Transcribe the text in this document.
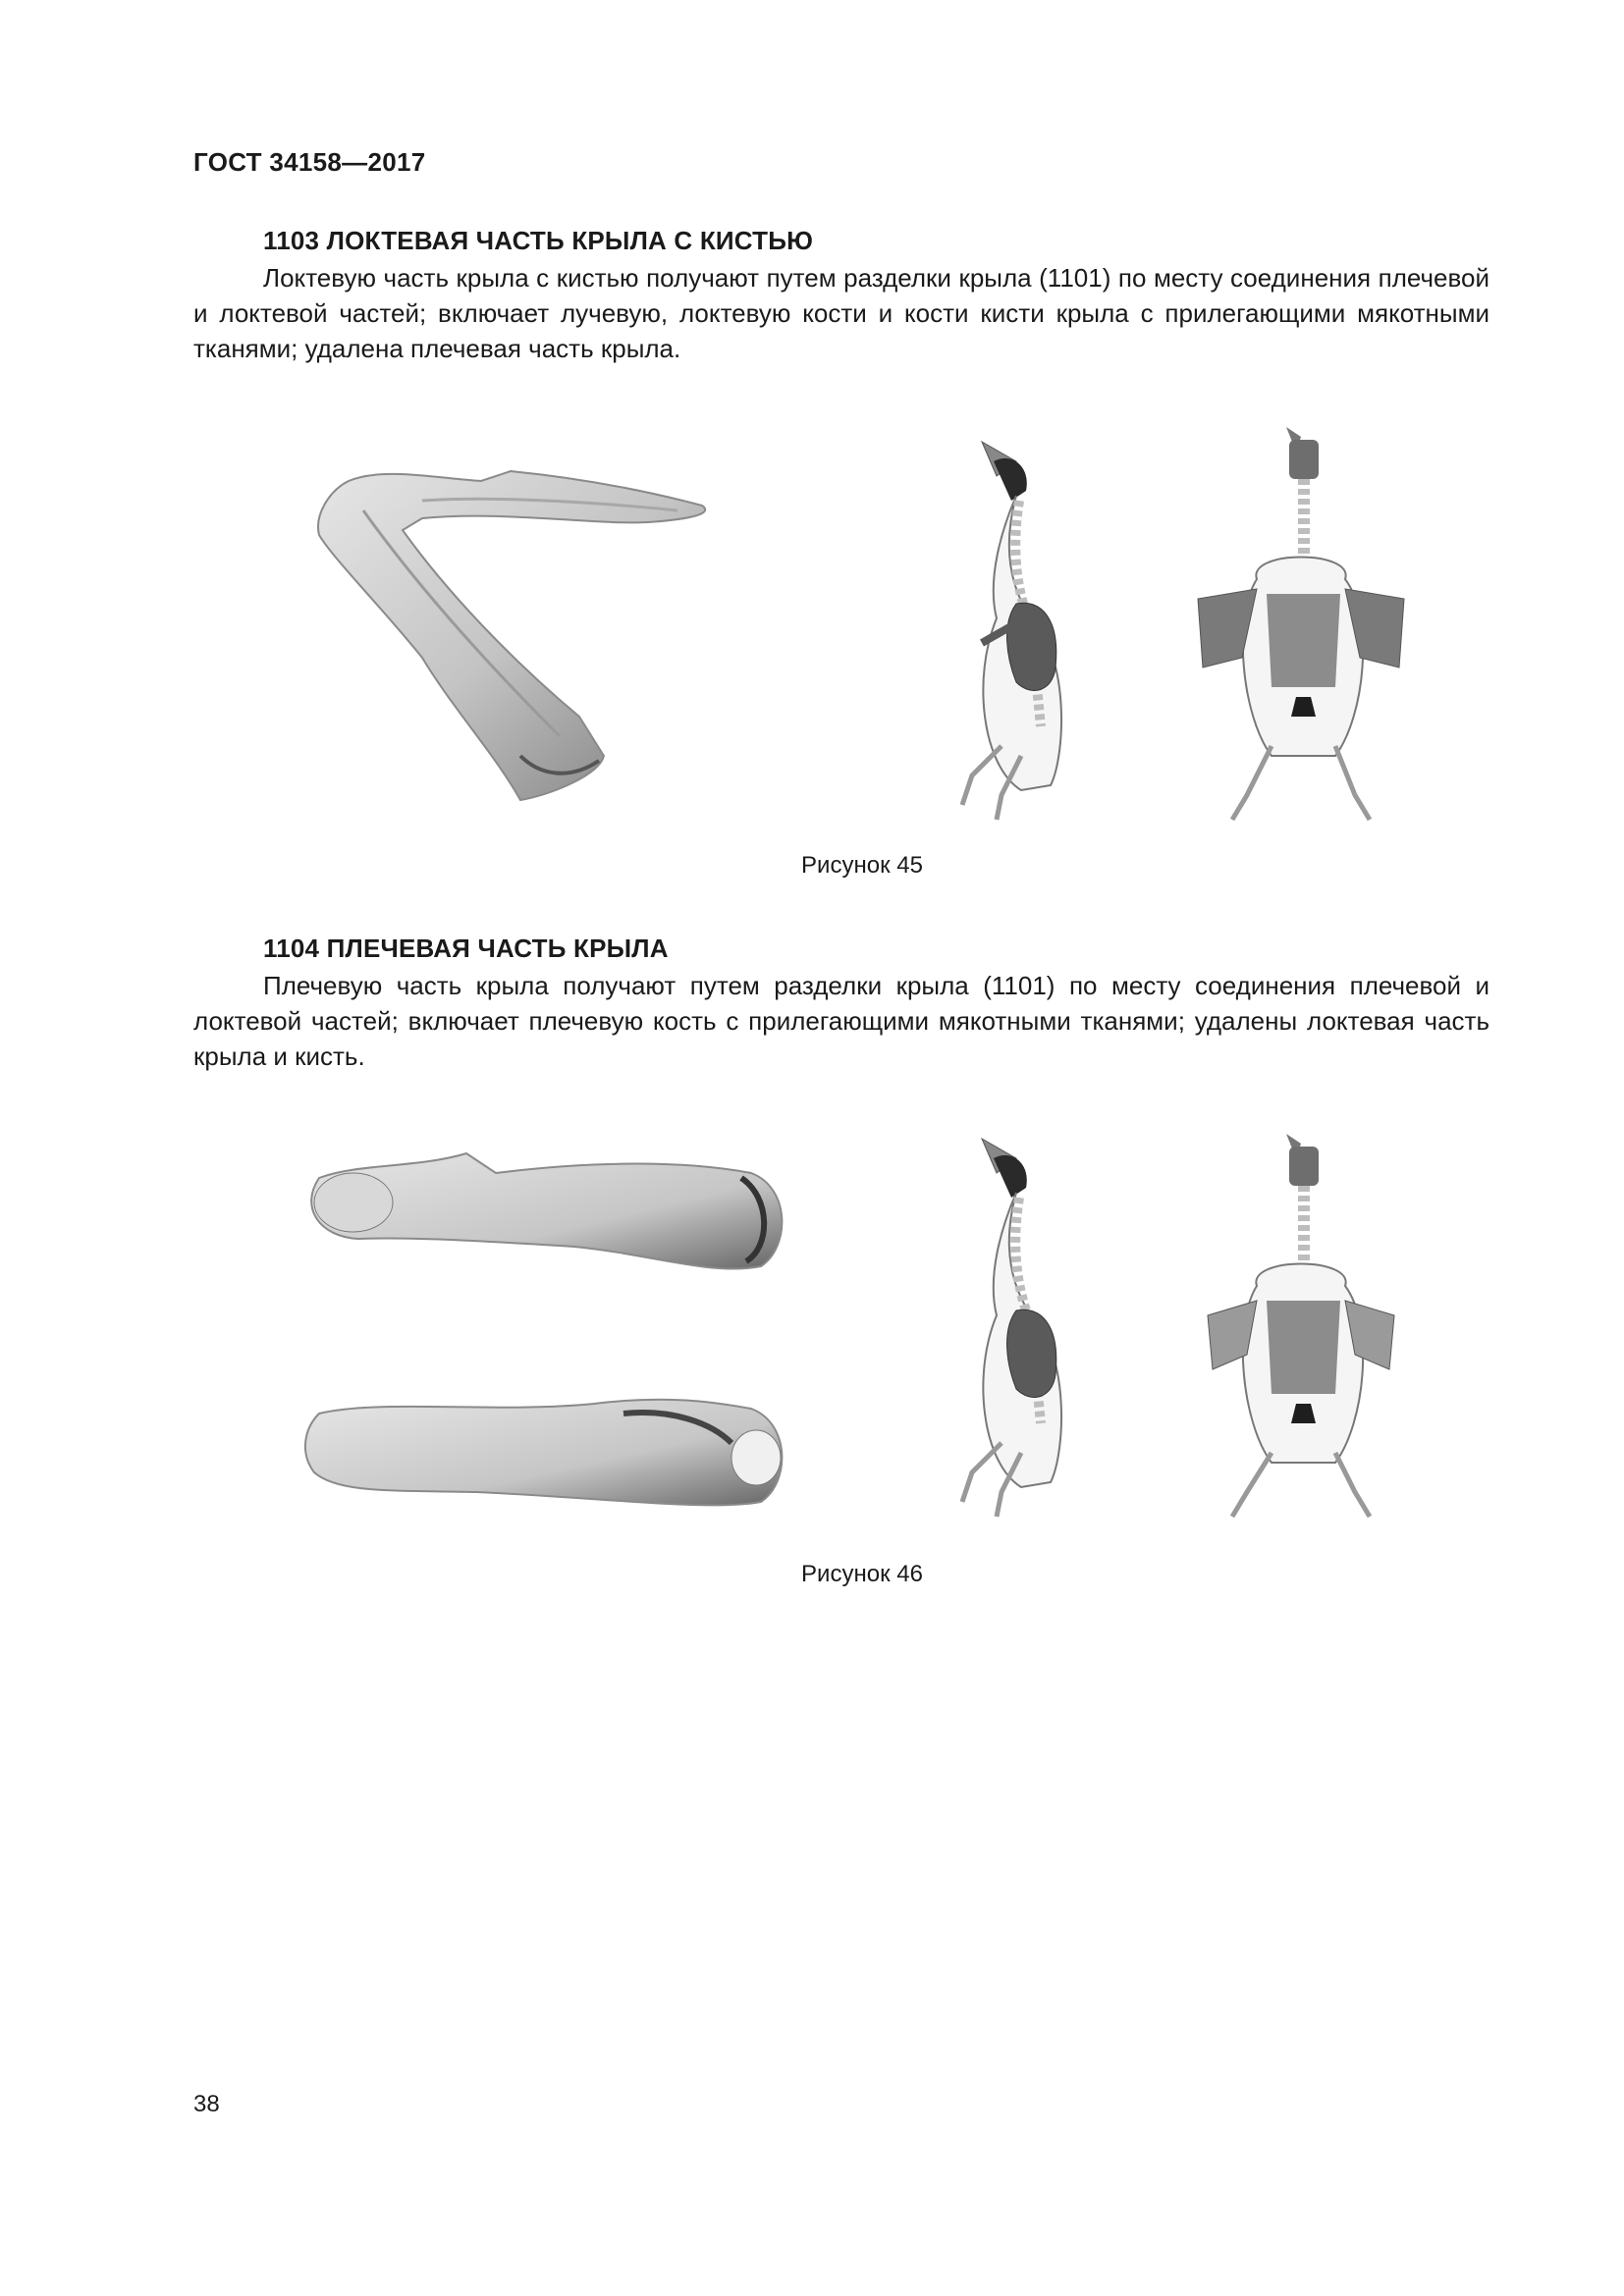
ГОСТ 34158—2017
1103 ЛОКТЕВАЯ ЧАСТЬ КРЫЛА С КИСТЬЮ
Локтевую часть крыла с кистью получают путем разделки крыла (1101) по месту соединения плечевой и локтевой частей; включает лучевую, локтевую кости и кости кисти крыла с прилегающими мякотными тканями; удалена плечевая часть крыла.
Рисунок 45
1104 ПЛЕЧЕВАЯ ЧАСТЬ КРЫЛА
Плечевую часть крыла получают путем разделки крыла (1101) по месту соединения плечевой и локтевой частей; включает плечевую кость с прилегающими мякотными тканями; удалены локтевая часть крыла и кисть.
Рисунок 46
38
